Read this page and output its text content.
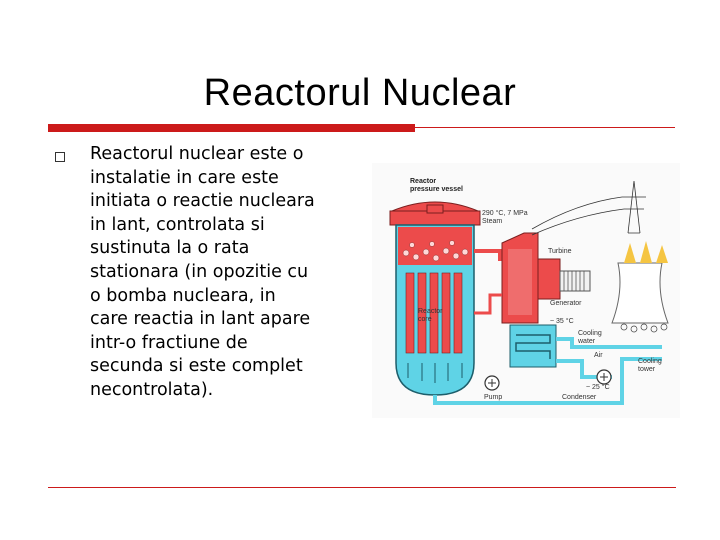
Reactorul Nuclear
Reactorul nuclear este o
instalatie in care este
initiata o reactie nucleara
in lant, controlata si
sustinuta la o rata
stationara (in opozitie cu
o bomba nucleara, in
care reactia in lant apare
intr-o fractiune de
secunda si este complet
necontrolata).
Reactor
pressure vessel
290 °C, 7 MPa
Steam
Turbine
Generator
~ 35 °C
Reactor
core
Cooling
water
Air
Cooling
tower
~ 25 °C
Pump	Condenser
